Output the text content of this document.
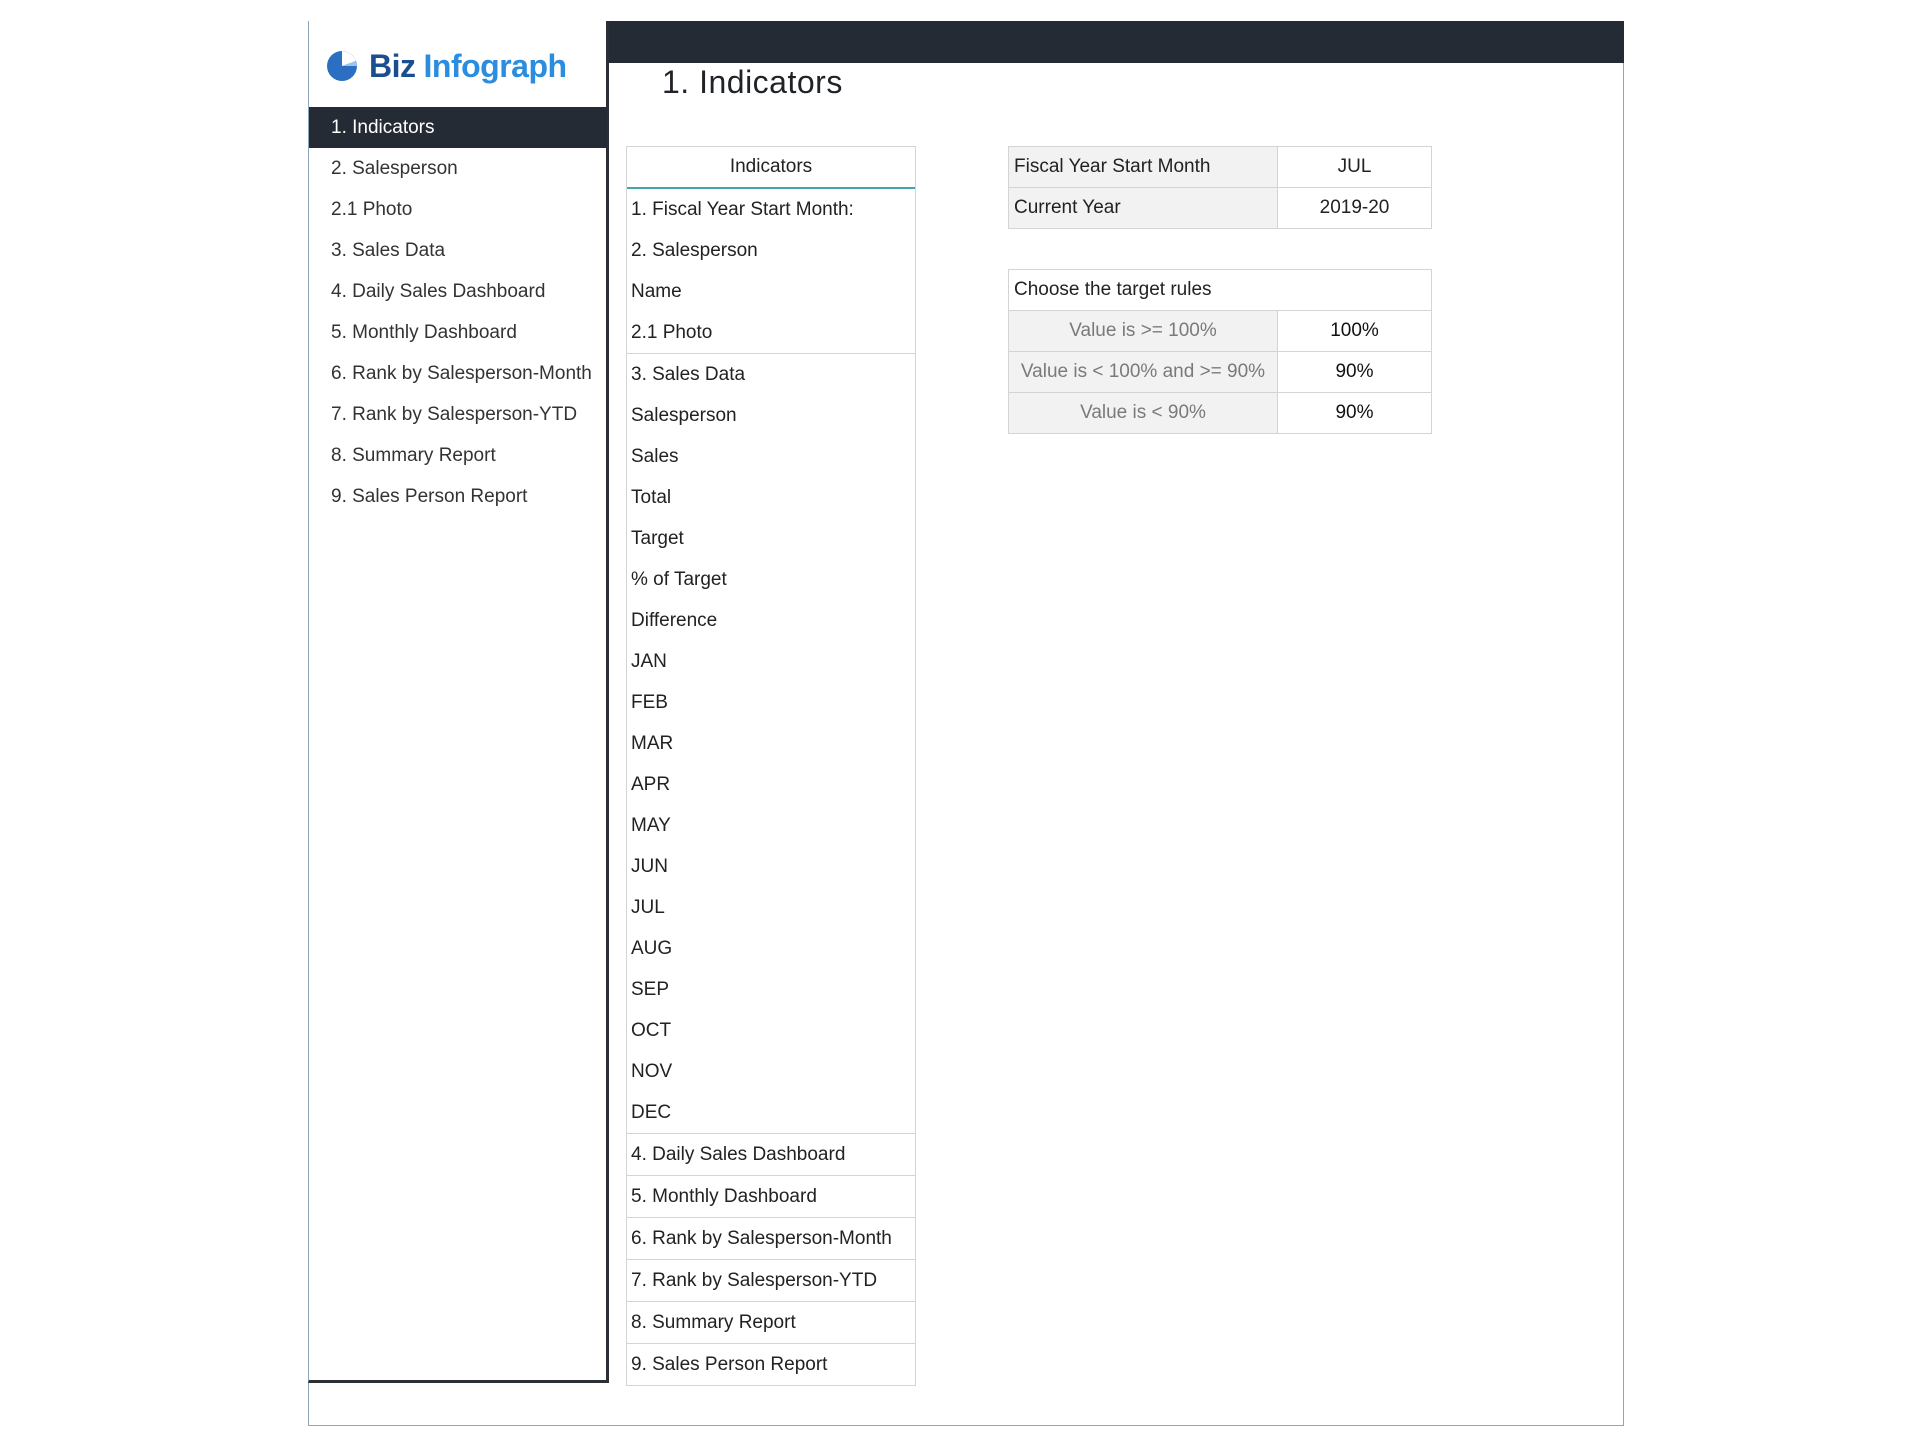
1. Indicators
Biz Infograph
1. Indicators
2. Salesperson
2.1 Photo
3. Sales Data
4. Daily Sales Dashboard
5. Monthly Dashboard
6. Rank by Salesperson-Month
7. Rank by Salesperson-YTD
8. Summary Report
9. Sales Person Report
Indicators
1. Fiscal Year Start Month:
2. Salesperson
Name
2.1 Photo
3. Sales Data
Salesperson
Sales
Total
Target
% of Target
Difference
JAN
FEB
MAR
APR
MAY
JUN
JUL
AUG
SEP
OCT
NOV
DEC
4. Daily Sales Dashboard
5. Monthly Dashboard
6. Rank by Salesperson-Month
7. Rank by Salesperson-YTD
8. Summary Report
9. Sales Person Report
Fiscal Year Start Month	JUL
Current Year	2019-20
Choose the target rules	
Value is >= 100%	100%
Value is < 100% and >= 90%	90%
Value is < 90%	90%
